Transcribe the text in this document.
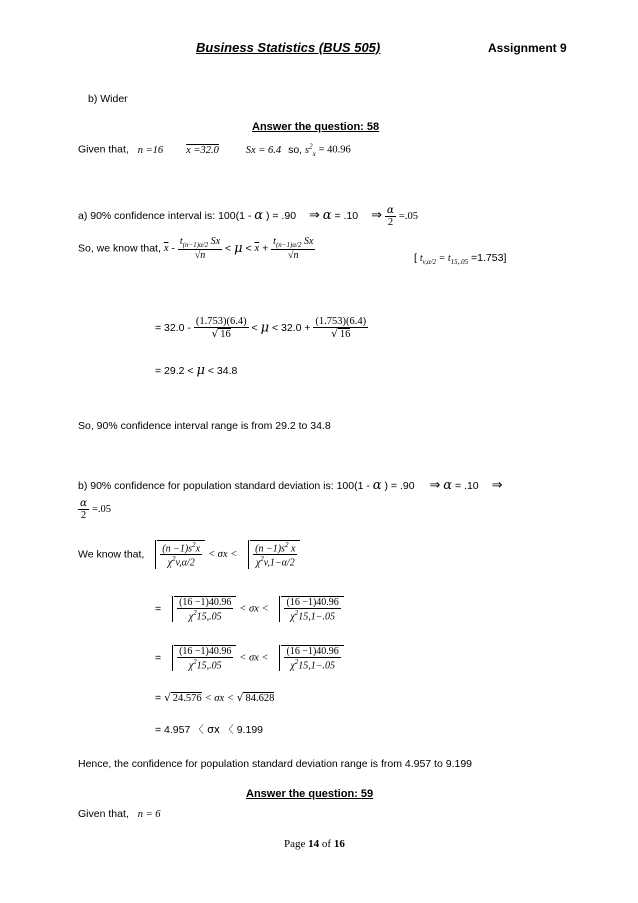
Business Statistics (BUS 505)	Assignment 9
b) Wider
Answer the question: 58
Given that, n =16 x =32.0	Sx = 6.4 so, $s^2_x = 40.96$
a) 90% confidence interval is: 100(1 - α ) = .90 ⇒ α = .10 ⇒ $\frac{\alpha}{2} =.05$
So, we know that, $\overline{x} - \frac{t_{(n-1)\alpha/2} Sx}{√n} < \mu < \overline{x} + \frac{t_{(n-1)\alpha/2} Sx}{√n}$	[ $t_{v,\alpha/2} = t_{15,.05} =1.753$]
= $32.0 - \frac{(1.753)(6.4)}{√ 16} < \mu < 32.0 + \frac{(1.753)(6.4)}{√ 16}$
= 29.2 < μ < 34.8
So, 90% confidence interval range is from 29.2 to 34.8
b) 90% confidence for population standard deviation is: 100(1 - α ) = .90 ⇒ α = .10 ⇒
$\frac{\alpha}{2} =.05$
We know that, $\frac{(n -1)s^2x}{\chi^2v,\alpha/2} < \sigma x < \frac{(n -1)s^2 x}{\chi^2v,1-\alpha/2}$
= $\frac{(16 -1)40.96}{\chi^215,.05} < \sigma x < \frac{(16 -1)40.96}{\chi^215,1-.05}$
= $\frac{(16 -1)40.96}{\chi^215,.05} < \sigma x < \frac{(16 -1)40.96}{\chi^215,1-.05}$
= √ 24.576 < σx < √ 84.628
= 4.957 〈 σx 〈 9.199
Hence, the confidence for population standard deviation range is from 4.957 to 9.199
Answer the question: 59
Given that, n = 6
Page 14 of 16
